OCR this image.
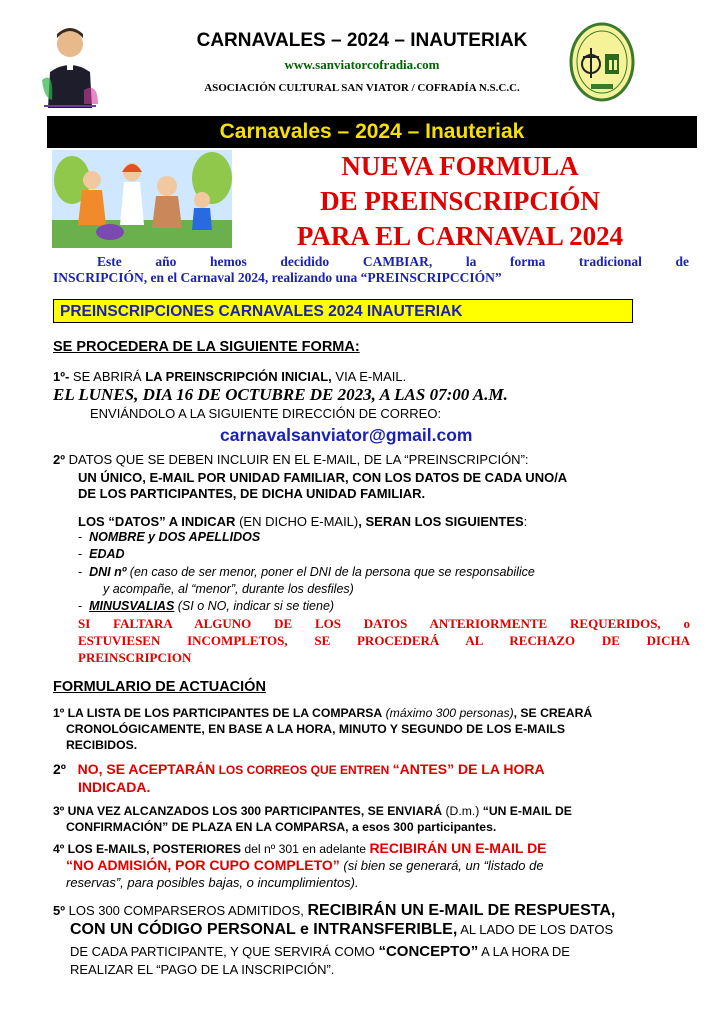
CARNAVALES – 2024 – INAUTERIAK
www.sanviatorcofradia.com
ASOCIACIÓN CULTURAL SAN VIATOR / COFRADÍA N.S.C.C.
Carnavales – 2024 – Inauteriak
NUEVA FORMULA
DE PREINSCRIPCIÓN
PARA EL CARNAVAL 2024
Este año hemos decidido CAMBIAR, la forma tradicional de
INSCRIPCIÓN, en el Carnaval 2024, realizando una “PREINSCRIPCCIÓN”
PREINSCRIPCIONES CARNAVALES 2024 INAUTERIAK
SE PROCEDERA DE LA SIGUIENTE FORMA:
1º- SE ABRIRÁ LA PREINSCRIPCIÓN INICIAL, VIA E-MAIL.
EL LUNES, DIA 16 DE OCTUBRE DE 2023, A LAS 07:00 A.M.
ENVIÁNDOLO A LA SIGUIENTE DIRECCIÓN DE CORREO:
carnavalsanviator@gmail.com
2º DATOS QUE SE DEBEN INCLUIR EN EL E-MAIL, DE LA “PREINSCRIPCIÓN”:
UN ÚNICO, E-MAIL POR UNIDAD FAMILIAR, CON LOS DATOS DE CADA UNO/A
DE LOS PARTICIPANTES, DE DICHA UNIDAD FAMILIAR.
LOS “DATOS” A INDICAR (EN DICHO E-MAIL), SERAN LOS SIGUIENTES:
-  NOMBRE y DOS APELLIDOS
-  EDAD
-  DNI nº (en caso de ser menor, poner el DNI de la persona que se responsabilice
y acompañe, al “menor”, durante los desfiles)
-  MINUSVALIAS (SI o NO, indicar si se tiene)
SI FALTARA ALGUNO DE LOS DATOS ANTERIORMENTE REQUERIDOS, o
ESTUVIESEN INCOMPLETOS, SE PROCEDERÁ AL RECHAZO DE DICHA
PREINSCRIPCION
FORMULARIO DE ACTUACIÓN
1º LA LISTA DE LOS PARTICIPANTES DE LA COMPARSA (máximo 300 personas), SE CREARÁ
CRONOLÓGICAMENTE, EN BASE A LA HORA, MINUTO Y SEGUNDO DE LOS E-MAILS
RECIBIDOS.
2º NO, SE ACEPTARÁN LOS CORREOS QUE ENTREN “ANTES” DE LA HORA
INDICADA.
3º UNA VEZ ALCANZADOS LOS 300 PARTICIPANTES, SE ENVIARÁ (D.m.) “UN E-MAIL DE
CONFIRMACIÓN” DE PLAZA EN LA COMPARSA, a esos 300 participantes.
4º LOS E-MAILS, POSTERIORES del nº 301 en adelante RECIBIRÁN UN E-MAIL DE
“NO ADMISIÓN, POR CUPO COMPLETO” (si bien se generará, un “listado de
reservas”, para posibles bajas, o incumplimientos).
5º LOS 300 COMPARSEROS ADMITIDOS, RECIBIRÁN UN E-MAIL DE RESPUESTA,
CON UN CÓDIGO PERSONAL e INTRANSFERIBLE, AL LADO DE LOS DATOS
DE CADA PARTICIPANTE, Y QUE SERVIRÁ COMO “CONCEPTO” A LA HORA DE
REALIZAR EL “PAGO DE LA INSCRIPCIÓN”.
